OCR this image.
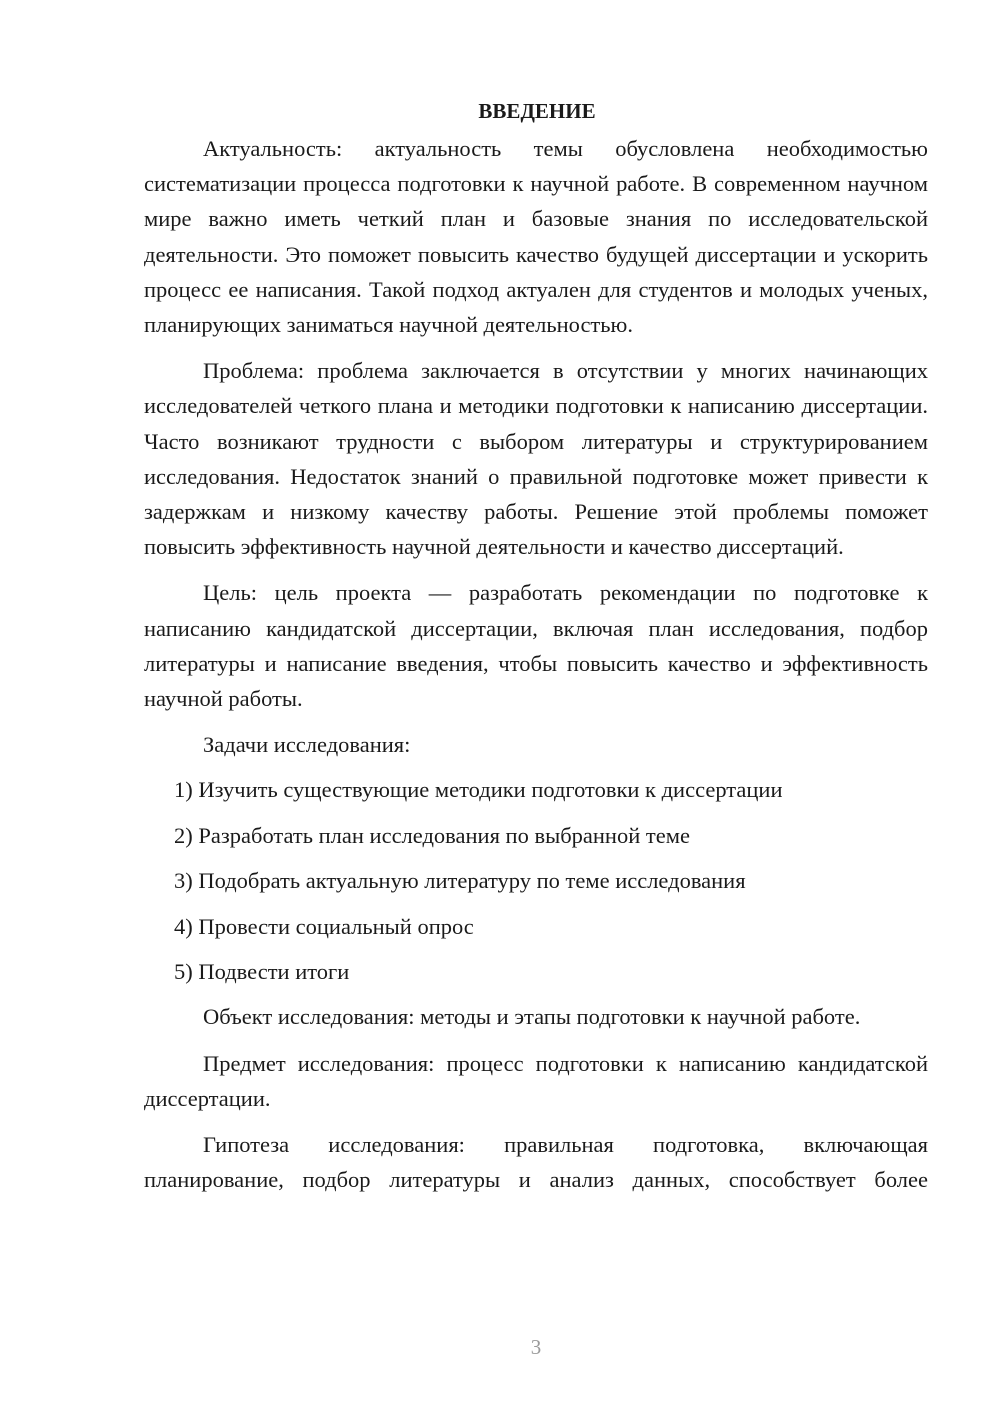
ВВЕДЕНИЕ

Актуальность: актуальность темы обусловлена необходимостью систематизации процесса подготовки к научной работе. В современном научном мире важно иметь четкий план и базовые знания по исследовательской деятельности. Это поможет повысить качество будущей диссертации и ускорить процесс ее написания. Такой подход актуален для студентов и молодых ученых, планирующих заниматься научной деятельностью.

Проблема: проблема заключается в отсутствии у многих начинающих исследователей четкого плана и методики подготовки к написанию диссертации. Часто возникают трудности с выбором литературы и структурированием исследования. Недостаток знаний о правильной подготовке может привести к задержкам и низкому качеству работы. Решение этой проблемы поможет повысить эффективность научной деятельности и качество диссертаций.

Цель: цель проекта — разработать рекомендации по подготовке к написанию кандидатской диссертации, включая план исследования, подбор литературы и написание введения, чтобы повысить качество и эффективность научной работы.

Задачи исследования:
1) Изучить существующие методики подготовки к диссертации
2) Разработать план исследования по выбранной теме
3) Подобрать актуальную литературу по теме исследования
4) Провести социальный опрос
5) Подвести итоги

Объект исследования: методы и этапы подготовки к научной работе.

Предмет исследования: процесс подготовки к написанию кандидатской диссертации.

Гипотеза исследования: правильная подготовка, включающая планирование, подбор литературы и анализ данных, способствует более

3
